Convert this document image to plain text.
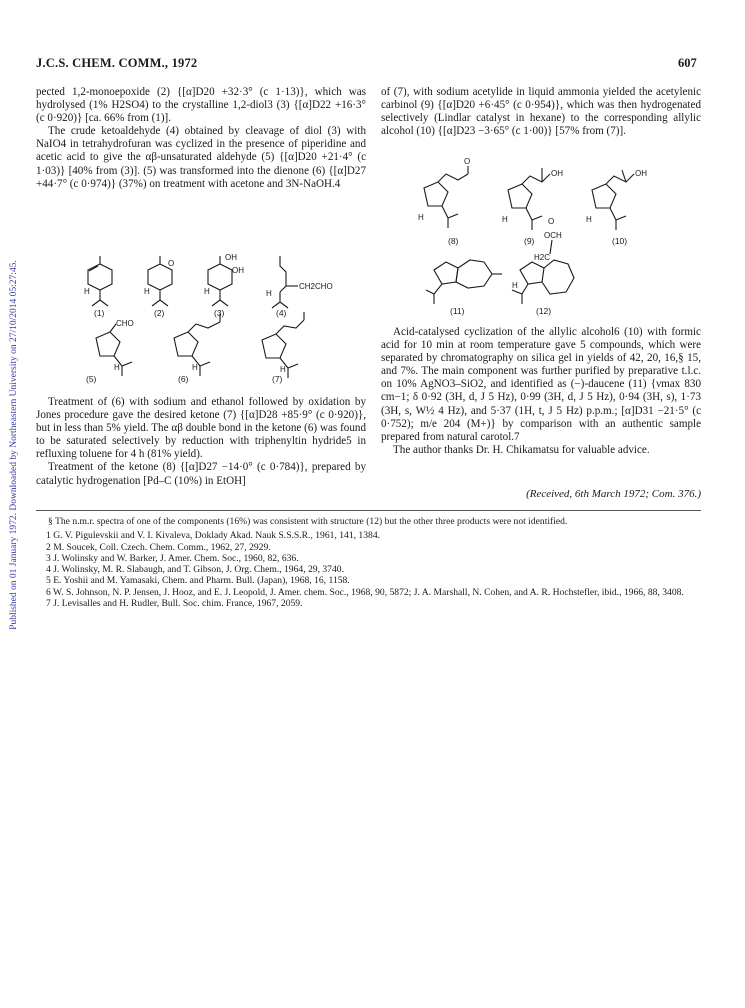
Published on 01 January 1972. Downloaded by Northeastern University on 27/10/2014 05:27:45.
J.C.S. CHEM. COMM., 1972	607

pected 1,2-monoepoxide (2) {[α]D20 +32·3° (c 1·13)}, which was hydrolysed (1% H2SO4) to the crystalline 1,2-diol3 (3) {[α]D22 +16·3° (c 0·920)} [ca. 66% from (1)].

The crude ketoaldehyde (4) obtained by cleavage of diol (3) with NaIO4 in tetrahydrofuran was cyclized in the presence of piperidine and acetic acid to give the αβ-unsaturated aldehyde (5) {[α]D20 +21·4° (c 1·03)} [40% from (3)]. (5) was transformed into the dienone (6) {[α]D27 +44·7° (c 0·974)} (37%) on treatment with acetone and 3N-NaOH.4

O
OH
OH
CH2CHO
H	H	H	H
(1)	(2)	(3)	(4)
CHO
H	H	H
(5)	(6)	(7)

Treatment of (6) with sodium and ethanol followed by oxidation by Jones procedure gave the desired ketone (7) {[α]D28 +85·9° (c 0·920)}, but in less than 5% yield. The αβ double bond in the ketone (6) was found to be saturated selectively by reduction with triphenyltin hydride5 in refluxing toluene for 4 h (81% yield).

Treatment of the ketone (8) {[α]D27 −14·0° (c 0·784)}, prepared by catalytic hydrogenation [Pd–C (10%) in EtOH]

of (7), with sodium acetylide in liquid ammonia yielded the acetylenic carbinol (9) {[α]D20 +6·45° (c 0·954)}, which was then hydrogenated selectively (Lindlar catalyst in hexane) to the corresponding allylic alcohol (10) {[α]D23 −3·65° (c 1·00)} [57% from (7)].

O
OH	OH
H	H	H
(8)	(9)	(10)
O
OCH
H2C
H
(11)	(12)

Acid-catalysed cyclization of the allylic alcohol6 (10) with formic acid for 10 min at room temperature gave 5 compounds, which were separated by chromatography on silica gel in yields of 42, 20, 16,§ 15, and 7%. The main component was further purified by preparative t.l.c. on 10% AgNO3–SiO2, and identified as (−)-daucene (11) {νmax 830 cm−1; δ 0·92 (3H, d, J 5 Hz), 0·99 (3H, d, J 5 Hz), 0·94 (3H, s), 1·73 (3H, s, W½ 4 Hz), and 5·37 (1H, t, J 5 Hz) p.p.m.; [α]D31 −21·5° (c 0·752); m/e 204 (M+)} by comparison with an authentic sample prepared from natural carotol.7

The author thanks Dr. H. Chikamatsu for valuable advice.

(Received, 6th March 1972; Com. 376.)
§ The n.m.r. spectra of one of the components (16%) was consistent with structure (12) but the other three products were not identified.
1 G. V. Pigulevskii and V. I. Kivaleva, Doklady Akad. Nauk S.S.S.R., 1961, 141, 1384.
2 M. Soucek, Coll. Czech. Chem. Comm., 1962, 27, 2929.
3 J. Wolinsky and W. Barker, J. Amer. Chem. Soc., 1960, 82, 636.
4 J. Wolinsky, M. R. Slabaugh, and T. Gibson, J. Org. Chem., 1964, 29, 3740.
5 E. Yoshii and M. Yamasaki, Chem. and Pharm. Bull. (Japan), 1968, 16, 1158.
6 W. S. Johnson, N. P. Jensen, J. Hooz, and E. J. Leopold, J. Amer. chem. Soc., 1968, 90, 5872; J. A. Marshall, N. Cohen, and A. R. Hochstefler, ibid., 1966, 88, 3408.
7 J. Levisalles and H. Rudler, Bull. Soc. chim. France, 1967, 2059.
